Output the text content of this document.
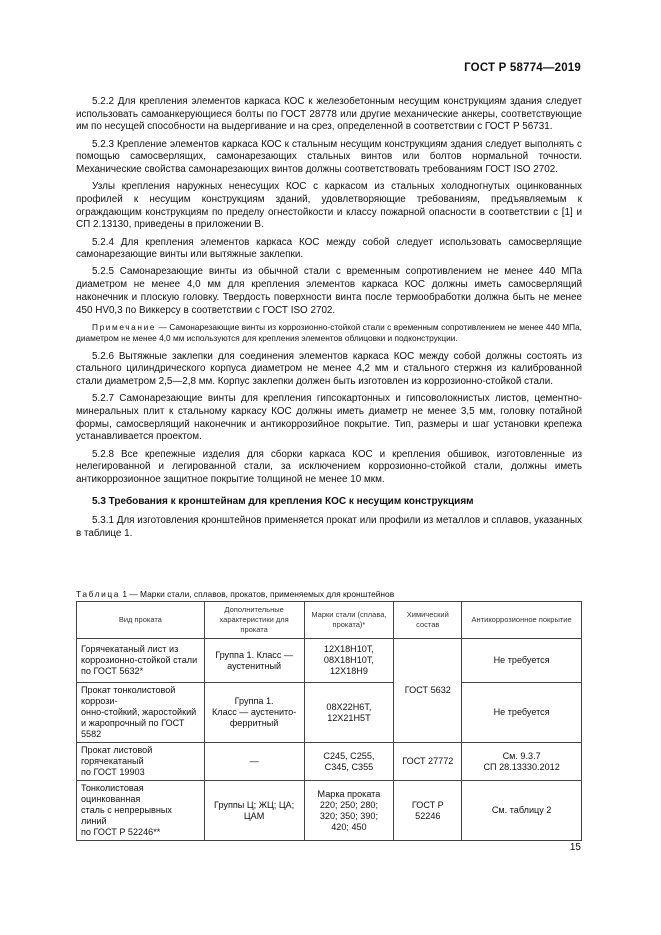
ГОСТ Р 58774—2019

5.2.2 Для крепления элементов каркаса КОС к железобетонным несущим конструкциям здания следует использовать самоанкерующиеся болты по ГОСТ 28778 или другие механические анкеры, соответствующие им по несущей способности на выдергивание и на срез, определенной в соответствии с ГОСТ Р 56731.

5.2.3 Крепление элементов каркаса КОС к стальным несущим конструкциям здания следует выполнять с помощью самосверлящих, самонарезающих стальных винтов или болтов нормальной точности. Механические свойства самонарезающих винтов должны соответствовать требованиям ГОСТ ISO 2702.

Узлы крепления наружных ненесущих КОС с каркасом из стальных холодногнутых оцинкованных профилей к несущим конструкциям зданий, удовлетворяющие требованиям, предъявляемым к ограждающим конструкциям по пределу огнестойкости и классу пожарной опасности в соответствии с [1] и СП 2.13130, приведены в приложении В.

5.2.4 Для крепления элементов каркаса КОС между собой следует использовать самосверлящие самонарезающие винты или вытяжные заклепки.

5.2.5 Самонарезающие винты из обычной стали с временным сопротивлением не менее 440 МПа диаметром не менее 4,0 мм для крепления элементов каркаса КОС должны иметь самосверлящий наконечник и плоскую головку. Твердость поверхности винта после термообработки должна быть не менее 450 HV0,3 по Виккерсу в соответствии с ГОСТ ISO 2702.

Примечание — Самонарезающие винты из коррозионно-стойкой стали с временным сопротивлением не менее 440 МПа, диаметром не менее 4,0 мм используются для крепления элементов облицовки и подконструкции.

5.2.6 Вытяжные заклепки для соединения элементов каркаса КОС между собой должны состоять из стального цилиндрического корпуса диаметром не менее 4,2 мм и стального стержня из калиброванной стали диаметром 2,5—2,8 мм. Корпус заклепки должен быть изготовлен из коррозионно-стойкой стали.

5.2.7 Самонарезающие винты для крепления гипсокартонных и гипсоволокнистых листов, цементно-минеральных плит к стальному каркасу КОС должны иметь диаметр не менее 3,5 мм, головку потайной формы, самосверлящий наконечник и антикоррозийное покрытие. Тип, размеры и шаг установки крепежа устанавливается проектом.

5.2.8 Все крепежные изделия для сборки каркаса КОС и крепления обшивок, изготовленные из нелегированной и легированной стали, за исключением коррозионно-стойкой стали, должны иметь антикоррозионное защитное покрытие толщиной не менее 10 мкм.

5.3 Требования к кронштейнам для крепления КОС к несущим конструкциям

5.3.1 Для изготовления кронштейнов применяется прокат или профили из металлов и сплавов, указанных в таблице 1.

Таблица 1 — Марки стали, сплавов, прокатов, применяемых для кронштейнов
Вид проката	Дополнительные характеристики для проката	Марки стали (сплава, проката)*	Химический состав	Антикоррозионное покрытие

Горячекатаный лист из
коррозионно-стойкой стали
по ГОСТ 5632*	Группа 1. Класс —
аустенитный	12Х18Н10Т,
08Х18Н10Т,
12Х18Н9	ГОСТ 5632	Не требуется

Прокат тонколистовой коррози-
онно-стойкий, жаростойкий
и жаропрочный по ГОСТ 5582	Группа 1.
Класс — аустенито-
ферритный	08Х22Н6Т,
12Х21Н5Т		Не требуется

Прокат листовой горячекатаный
по ГОСТ 19903	—	С245, С255,
С345, С355	ГОСТ 27772	См. 9.3.7
СП 28.13330.2012

Тонколистовая оцинкованная
сталь с непрерывных линий
по ГОСТ Р 52246**	Группы Ц; ЖЦ; ЦА;
ЦАМ	Марка проката
220; 250; 280;
320; 350; 390;
420; 450	ГОСТ Р
52246	См. таблицу 2
15
